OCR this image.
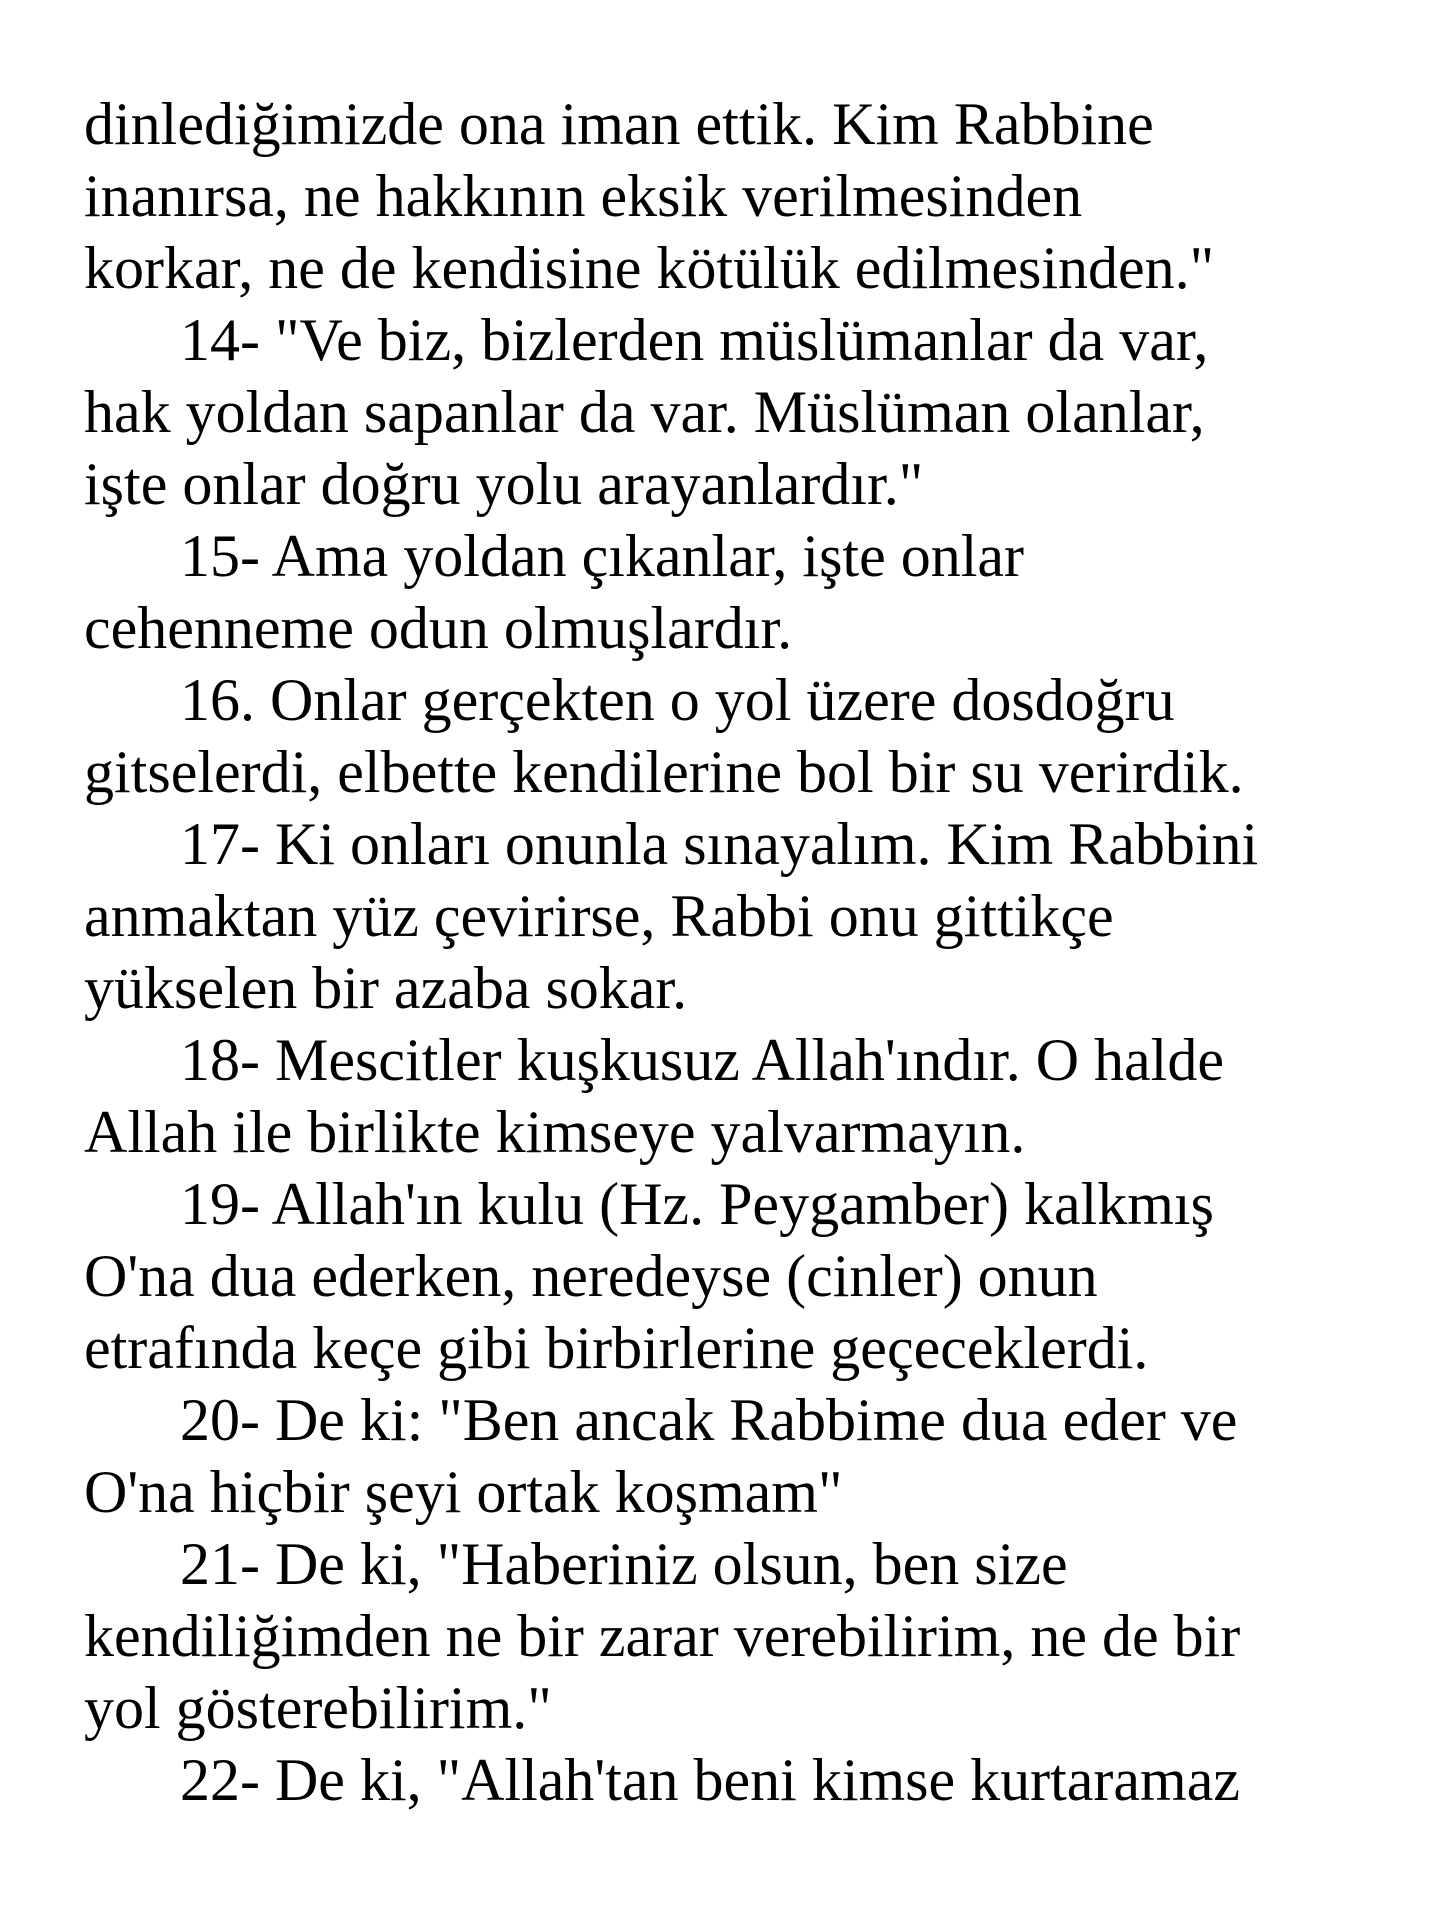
dinlediğimizde ona iman ettik. Kim Rabbine
inanırsa, ne hakkının eksik verilmesinden
korkar, ne de kendisine kötülük edilmesinden."
14- "Ve biz, bizlerden müslümanlar da var,
hak yoldan sapanlar da var. Müslüman olanlar,
işte onlar doğru yolu arayanlardır."
15- Ama yoldan çıkanlar, işte onlar
cehenneme odun olmuşlardır.
16. Onlar gerçekten o yol üzere dosdoğru
gitselerdi, elbette kendilerine bol bir su verirdik.
17- Ki onları onunla sınayalım. Kim Rabbini
anmaktan yüz çevirirse, Rabbi onu gittikçe
yükselen bir azaba sokar.
18- Mescitler kuşkusuz Allah'ındır. O halde
Allah ile birlikte kimseye yalvarmayın.
19- Allah'ın kulu (Hz. Peygamber) kalkmış
O'na dua ederken, neredeyse (cinler) onun
etrafında keçe gibi birbirlerine geçeceklerdi.
20- De ki: "Ben ancak Rabbime dua eder ve
O'na hiçbir şeyi ortak koşmam"
21- De ki, "Haberiniz olsun, ben size
kendiliğimden ne bir zarar verebilirim, ne de bir
yol gösterebilirim."
22- De ki, "Allah'tan beni kimse kurtaramaz
